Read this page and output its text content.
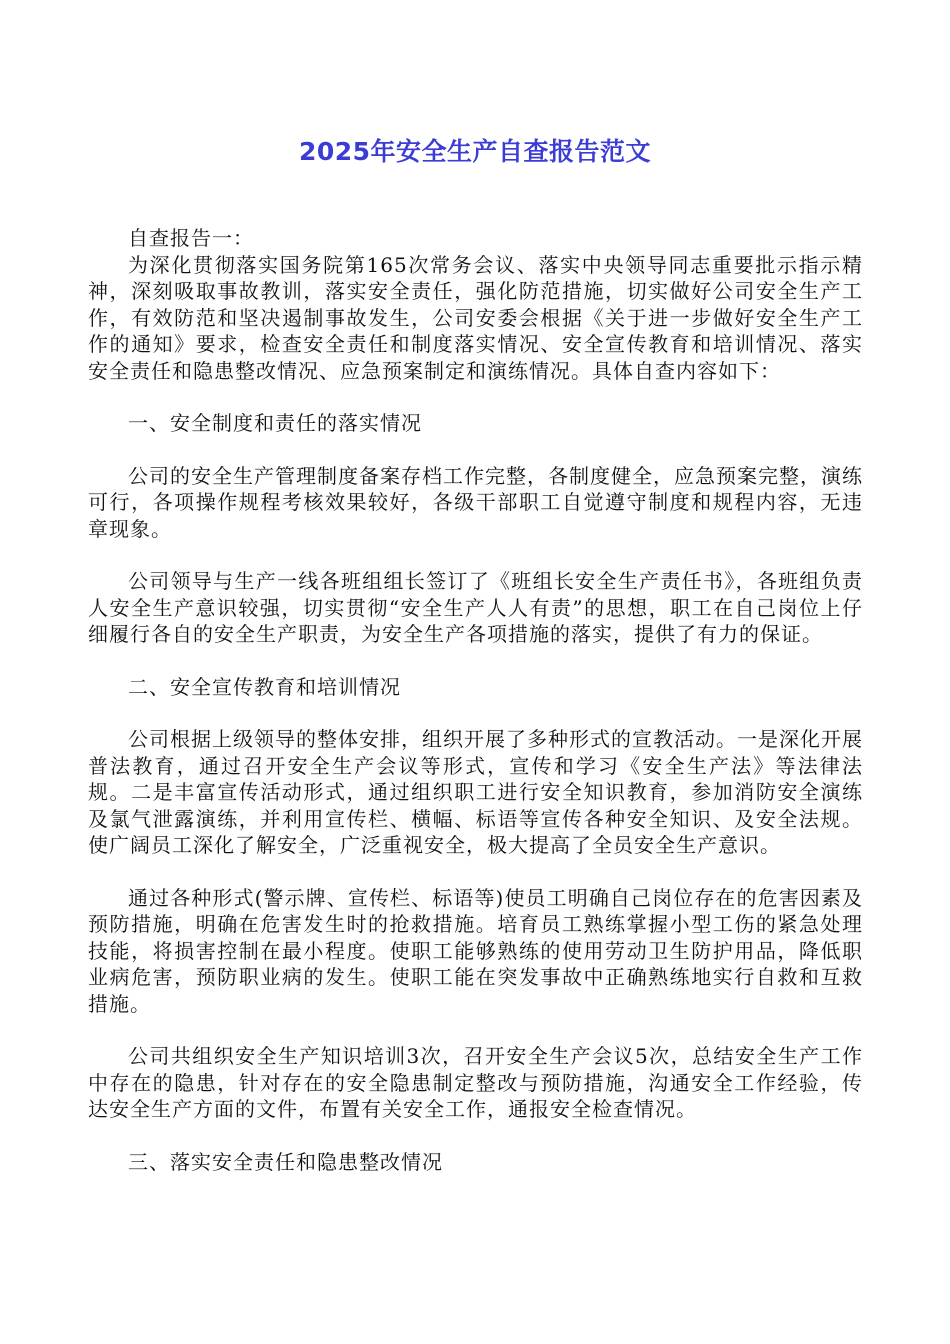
2025年安全生产自查报告范文

自查报告一：

为深化贯彻落实国务院第165次常务会议、落实中央领导同志重要批示指示精神，深刻吸取事故教训，落实安全责任，强化防范措施，切实做好公司安全生产工作，有效防范和坚决遏制事故发生，公司安委会根据《关于进一步做好安全生产工作的通知》要求，检查安全责任和制度落实情况、安全宣传教育和培训情况、落实安全责任和隐患整改情况、应急预案制定和演练情况。具体自查内容如下：

一、安全制度和责任的落实情况

公司的安全生产管理制度备案存档工作完整，各制度健全，应急预案完整，演练可行，各项操作规程考核效果较好，各级干部职工自觉遵守制度和规程内容，无违章现象。

公司领导与生产一线各班组组长签订了《班组长安全生产责任书》，各班组负责人安全生产意识较强，切实贯彻“安全生产人人有责”的思想，职工在自己岗位上仔细履行各自的安全生产职责，为安全生产各项措施的落实，提供了有力的保证。

二、安全宣传教育和培训情况

公司根据上级领导的整体安排，组织开展了多种形式的宣教活动。一是深化开展普法教育，通过召开安全生产会议等形式，宣传和学习《安全生产法》等法律法规。二是丰富宣传活动形式，通过组织职工进行安全知识教育，参加消防安全演练及氯气泄露演练，并利用宣传栏、横幅、标语等宣传各种安全知识、及安全法规。使广阔员工深化了解安全，广泛重视安全，极大提高了全员安全生产意识。

通过各种形式(警示牌、宣传栏、标语等)使员工明确自己岗位存在的危害因素及预防措施，明确在危害发生时的抢救措施。培育员工熟练掌握小型工伤的紧急处理技能，将损害控制在最小程度。使职工能够熟练的使用劳动卫生防护用品，降低职业病危害，预防职业病的发生。使职工能在突发事故中正确熟练地实行自救和互救措施。

公司共组织安全生产知识培训3次，召开安全生产会议5次，总结安全生产工作中存在的隐患，针对存在的安全隐患制定整改与预防措施，沟通安全工作经验，传达安全生产方面的文件，布置有关安全工作，通报安全检查情况。

三、落实安全责任和隐患整改情况
